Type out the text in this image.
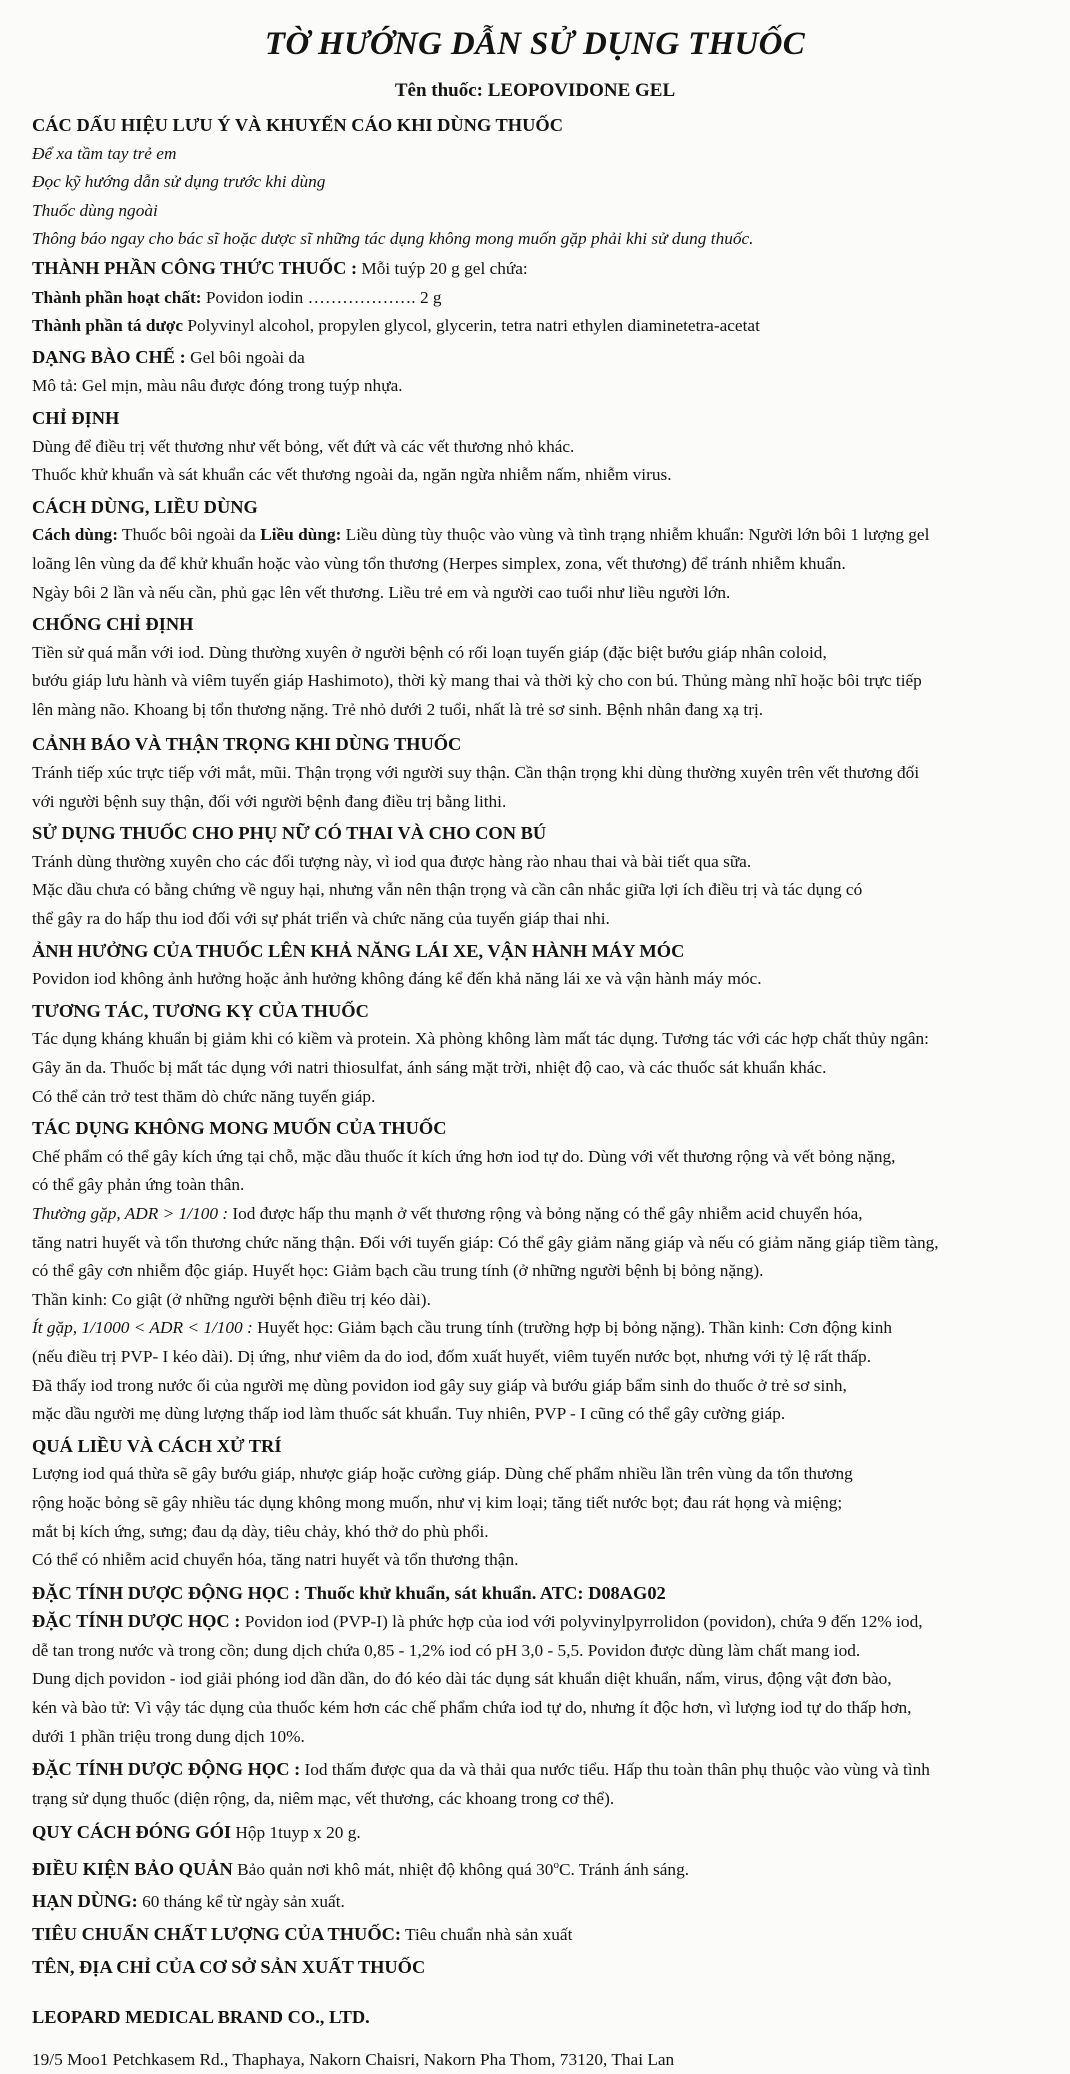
TỜ HƯỚNG DẪN SỬ DỤNG THUỐC
Tên thuốc: LEOPOVIDONE GEL
CÁC DẤU HIỆU LƯU Ý VÀ KHUYẾN CÁO KHI DÙNG THUỐC
Để xa tầm tay trẻ em
Đọc kỹ hướng dẫn sử dụng trước khi dùng
Thuốc dùng ngoài
Thông báo ngay cho bác sĩ hoặc dược sĩ những tác dụng không mong muốn gặp phải khi sử dung thuốc.
THÀNH PHẦN CÔNG THỨC THUỐC : Mỗi tuýp 20 g gel chứa:
Thành phần hoạt chất: Povidon iodin ………………. 2 g
Thành phần tá dược Polyvinyl alcohol, propylen glycol, glycerin, tetra natri ethylen diaminetetra-acetat
DẠNG BÀO CHẾ : Gel bôi ngoài da
Mô tả: Gel mịn, màu nâu được đóng trong tuýp nhựa.
CHỈ ĐỊNH
Dùng để điều trị vết thương như vết bỏng, vết đứt và các vết thương nhỏ khác.
Thuốc khử khuẩn và sát khuẩn các vết thương ngoài da, ngăn ngừa nhiễm nấm, nhiễm virus.
CÁCH DÙNG, LIỀU DÙNG
Cách dùng: Thuốc bôi ngoài da Liều dùng: Liều dùng tùy thuộc vào vùng và tình trạng nhiễm khuẩn: Người lớn bôi 1 lượng gel
loãng lên vùng da để khử khuẩn hoặc vào vùng tổn thương (Herpes simplex, zona, vết thương) để tránh nhiễm khuẩn.
Ngày bôi 2 lần và nếu cần, phủ gạc lên vết thương. Liều trẻ em và người cao tuổi như liều người lớn.
CHỐNG CHỈ ĐỊNH
Tiền sử quá mẫn với iod. Dùng thường xuyên ở người bệnh có rối loạn tuyến giáp (đặc biệt bướu giáp nhân coloid,
bướu giáp lưu hành và viêm tuyến giáp Hashimoto), thời kỳ mang thai và thời kỳ cho con bú. Thủng màng nhĩ hoặc bôi trực tiếp
lên màng não. Khoang bị tổn thương nặng. Trẻ nhỏ dưới 2 tuổi, nhất là trẻ sơ sinh. Bệnh nhân đang xạ trị.
CẢNH BÁO VÀ THẬN TRỌNG KHI DÙNG THUỐC
Tránh tiếp xúc trực tiếp với mắt, mũi. Thận trọng với người suy thận. Cần thận trọng khi dùng thường xuyên trên vết thương đối
với người bệnh suy thận, đối với người bệnh đang điều trị bằng lithi.
SỬ DỤNG THUỐC CHO PHỤ NỮ CÓ THAI VÀ CHO CON BÚ
Tránh dùng thường xuyên cho các đối tượng này, vì iod qua được hàng rào nhau thai và bài tiết qua sữa.
Mặc dầu chưa có bằng chứng về nguy hại, nhưng vẫn nên thận trọng và cần cân nhắc giữa lợi ích điều trị và tác dụng có
thể gây ra do hấp thu iod đối với sự phát triển và chức năng của tuyến giáp thai nhi.
ẢNH HƯỞNG CỦA THUỐC LÊN KHẢ NĂNG LÁI XE, VẬN HÀNH MÁY MÓC
Povidon iod không ảnh hưởng hoặc ảnh hưởng không đáng kể đến khả năng lái xe và vận hành máy móc.
TƯƠNG TÁC, TƯƠNG KỴ CỦA THUỐC
Tác dụng kháng khuẩn bị giảm khi có kiềm và protein. Xà phòng không làm mất tác dụng. Tương tác với các hợp chất thủy ngân:
Gây ăn da. Thuốc bị mất tác dụng với natri thiosulfat, ánh sáng mặt trời, nhiệt độ cao, và các thuốc sát khuẩn khác.
Có thể cản trở test thăm dò chức năng tuyến giáp.
TÁC DỤNG KHÔNG MONG MUỐN CỦA THUỐC
Chế phẩm có thể gây kích ứng tại chỗ, mặc dầu thuốc ít kích ứng hơn iod tự do. Dùng với vết thương rộng và vết bỏng nặng,
có thể gây phản ứng toàn thân.
Thường gặp, ADR > 1/100 : Iod được hấp thu mạnh ở vết thương rộng và bỏng nặng có thể gây nhiễm acid chuyển hóa,
tăng natri huyết và tổn thương chức năng thận. Đối với tuyến giáp: Có thể gây giảm năng giáp và nếu có giảm năng giáp tiềm tàng,
có thể gây cơn nhiễm độc giáp. Huyết học: Giảm bạch cầu trung tính (ở những người bệnh bị bỏng nặng).
Thần kinh: Co giật (ở những người bệnh điều trị kéo dài).
Ít gặp, 1/1000 < ADR < 1/100 : Huyết học: Giảm bạch cầu trung tính (trường hợp bị bỏng nặng). Thần kinh: Cơn động kinh
(nếu điều trị PVP- I kéo dài). Dị ứng, như viêm da do iod, đốm xuất huyết, viêm tuyến nước bọt, nhưng với tỷ lệ rất thấp.
Đã thấy iod trong nước ối của người mẹ dùng povidon iod gây suy giáp và bướu giáp bẩm sinh do thuốc ở trẻ sơ sinh,
mặc dầu người mẹ dùng lượng thấp iod làm thuốc sát khuẩn. Tuy nhiên, PVP - I cũng có thể gây cường giáp.
QUÁ LIỀU VÀ CÁCH XỬ TRÍ
Lượng iod quá thừa sẽ gây bướu giáp, nhược giáp hoặc cường giáp. Dùng chế phẩm nhiều lần trên vùng da tổn thương
rộng hoặc bỏng sẽ gây nhiều tác dụng không mong muốn, như vị kim loại; tăng tiết nước bọt; đau rát họng và miệng;
mắt bị kích ứng, sưng; đau dạ dày, tiêu chảy, khó thở do phù phổi.
Có thể có nhiễm acid chuyển hóa, tăng natri huyết và tổn thương thận.
ĐẶC TÍNH DƯỢC ĐỘNG HỌC : Thuốc khử khuẩn, sát khuẩn. ATC: D08AG02
ĐẶC TÍNH DƯỢC HỌC : Povidon iod (PVP-I) là phức hợp của iod với polyvinylpyrrolidon (povidon), chứa 9 đến 12% iod,
dễ tan trong nước và trong cồn; dung dịch chứa 0,85 - 1,2% iod có pH 3,0 - 5,5. Povidon được dùng làm chất mang iod.
Dung dịch povidon - iod giải phóng iod dần dần, do đó kéo dài tác dụng sát khuẩn diệt khuẩn, nấm, virus, động vật đơn bào,
kén và bào tử: Vì vậy tác dụng của thuốc kém hơn các chế phẩm chứa iod tự do, nhưng ít độc hơn, vì lượng iod tự do thấp hơn,
dưới 1 phần triệu trong dung dịch 10%.
ĐẶC TÍNH DƯỢC ĐỘNG HỌC : Iod thấm được qua da và thải qua nước tiểu. Hấp thu toàn thân phụ thuộc vào vùng và tình
trạng sử dụng thuốc (diện rộng, da, niêm mạc, vết thương, các khoang trong cơ thể).
QUY CÁCH ĐÓNG GÓI Hộp 1tuyp x 20 g.
ĐIỀU KIỆN BẢO QUẢN Bảo quản nơi khô mát, nhiệt độ không quá 30$^o$C. Tránh ánh sáng.
HẠN DÙNG: 60 tháng kể từ ngày sản xuất.
TIÊU CHUẨN CHẤT LƯỢNG CỦA THUỐC: Tiêu chuẩn nhà sản xuất
TÊN, ĐỊA CHỈ CỦA CƠ SỞ SẢN XUẤT THUỐC
LEOPARD MEDICAL BRAND CO., LTD.
19/5 Moo1 Petchkasem Rd., Thaphaya, Nakorn Chaisri, Nakorn Pha Thom, 73120, Thai Lan
